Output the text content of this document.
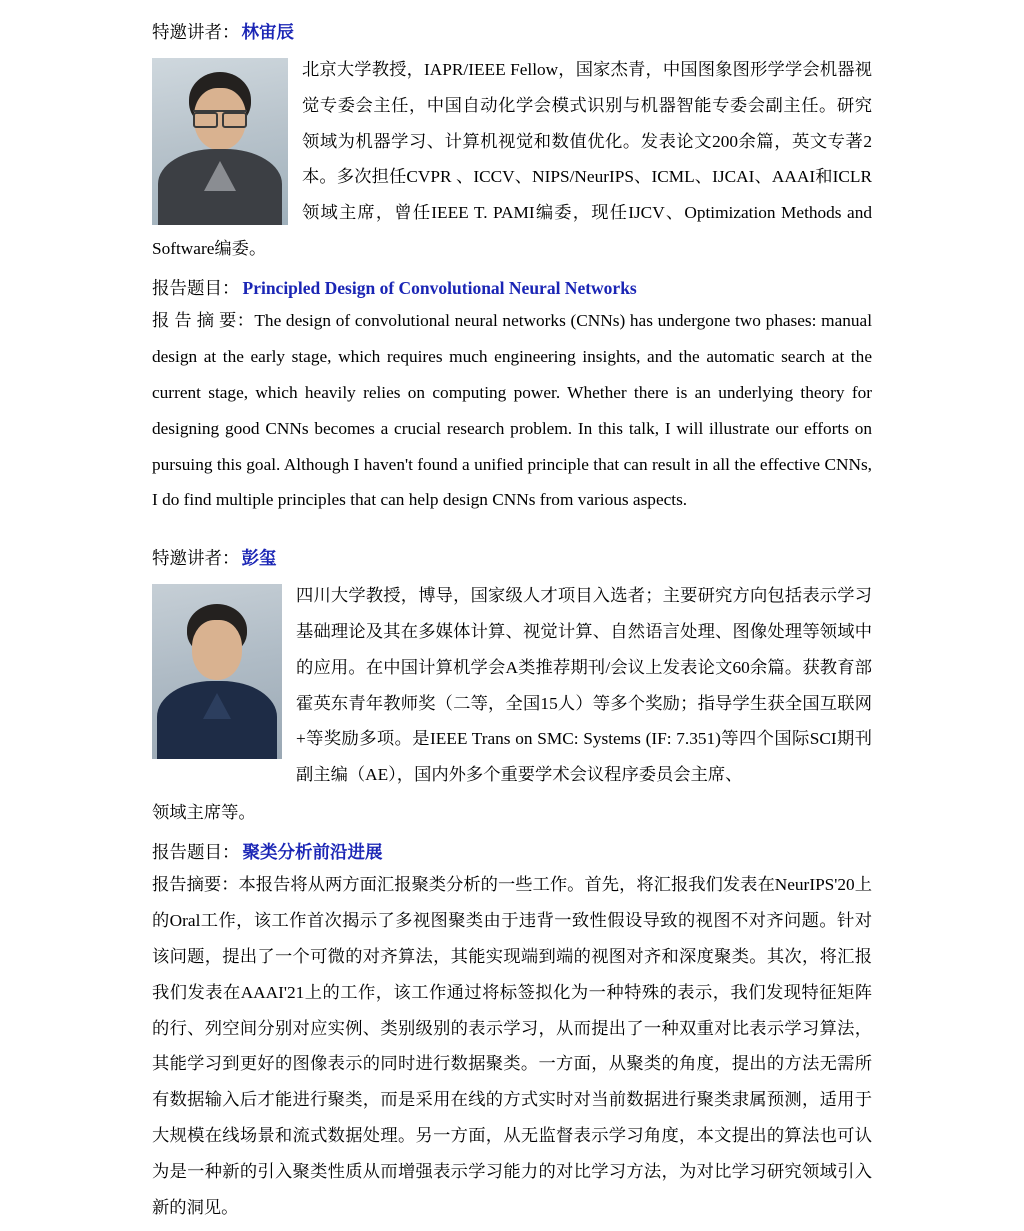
特邀讲者： 林宙辰

北京大学教授，IAPR/IEEE Fellow，国家杰青，中国图象图形学学会机器视觉专委会主任，中国自动化学会模式识别与机器智能专委会副主任。研究领域为机器学习、计算机视觉和数值优化。发表论文200余篇，英文专著2本。多次担任CVPR 、ICCV、NIPS/NeurIPS、ICML、IJCAI、AAAI和ICLR领域主席，曾任IEEE T. PAMI编委，现任IJCV、Optimization Methods and Software编委。

报告题目： Principled Design of Convolutional Neural Networks

报 告 摘 要：The design of convolutional neural networks (CNNs) has undergone two phases: manual design at the early stage, which requires much engineering insights, and the automatic search at the current stage, which heavily relies on computing power. Whether there is an underlying theory for designing good CNNs becomes a crucial research problem. In this talk, I will illustrate our efforts on pursuing this goal. Although I haven't found a unified principle that can result in all the effective CNNs, I do find multiple principles that can help design CNNs from various aspects.

特邀讲者： 彭玺

四川大学教授，博导，国家级人才项目入选者；主要研究方向包括表示学习基础理论及其在多媒体计算、视觉计算、自然语言处理、图像处理等领域中的应用。在中国计算机学会A类推荐期刊/会议上发表论文60余篇。获教育部霍英东青年教师奖（二等，全国15人）等多个奖励；指导学生获全国互联网+等奖励多项。是IEEE Trans on SMC: Systems (IF: 7.351)等四个国际SCI期刊副主编（AE），国内外多个重要学术会议程序委员会主席、

领域主席等。

报告题目： 聚类分析前沿进展

报告摘要：本报告将从两方面汇报聚类分析的一些工作。首先，将汇报我们发表在NeurIPS'20上的Oral工作，该工作首次揭示了多视图聚类由于违背一致性假设导致的视图不对齐问题。针对该问题，提出了一个可微的对齐算法，其能实现端到端的视图对齐和深度聚类。其次，将汇报我们发表在AAAI'21上的工作，该工作通过将标签拟化为一种特殊的表示，我们发现特征矩阵的行、列空间分别对应实例、类别级别的表示学习，从而提出了一种双重对比表示学习算法，其能学习到更好的图像表示的同时进行数据聚类。一方面，从聚类的角度，提出的方法无需所有数据输入后才能进行聚类，而是采用在线的方式实时对当前数据进行聚类隶属预测，适用于大规模在线场景和流式数据处理。另一方面，从无监督表示学习角度，本文提出的算法也可认为是一种新的引入聚类性质从而增强表示学习能力的对比学习方法，为对比学习研究领域引入新的洞见。
